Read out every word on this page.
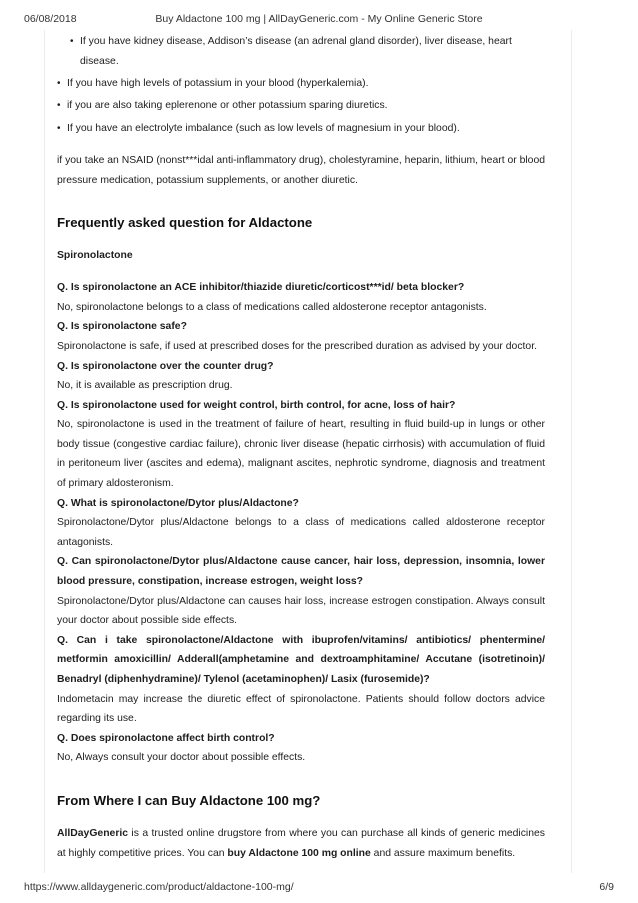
06/08/2018	Buy Aldactone 100 mg | AllDayGeneric.com - My Online Generic Store
• If you have kidney disease, Addison’s disease (an adrenal gland disorder), liver disease, heart disease.
• If you have high levels of potassium in your blood (hyperkalemia).
• if you are also taking eplerenone or other potassium sparing diuretics.
• If you have an electrolyte imbalance (such as low levels of magnesium in your blood).

if you take an NSAID (nonst***idal anti-inflammatory drug), cholestyramine, heparin, lithium, heart or blood pressure medication, potassium supplements, or another diuretic.

Frequently asked question for Aldactone
Spironolactone
Q. Is spironolactone an ACE inhibitor/thiazide diuretic/corticost***id/ beta blocker?
No, spironolactone belongs to a class of medications called aldosterone receptor antagonists.
Q. Is spironolactone safe?
Spironolactone is safe, if used at prescribed doses for the prescribed duration as advised by your doctor.
Q. Is spironolactone over the counter drug?
No, it is available as prescription drug.
Q. Is spironolactone used for weight control, birth control, for acne, loss of hair?
No, spironolactone is used in the treatment of failure of heart, resulting in fluid build-up in lungs or other body tissue (congestive cardiac failure), chronic liver disease (hepatic cirrhosis) with accumulation of fluid in peritoneum liver (ascites and edema), malignant ascites, nephrotic syndrome, diagnosis and treatment of primary aldosteronism.
Q. What is spironolactone/Dytor plus/Aldactone?
Spironolactone/Dytor plus/Aldactone belongs to a class of medications called aldosterone receptor antagonists.
Q. Can spironolactone/Dytor plus/Aldactone cause cancer, hair loss, depression, insomnia, lower blood pressure, constipation, increase estrogen, weight loss?
Spironolactone/Dytor plus/Aldactone can causes hair loss, increase estrogen constipation. Always consult your doctor about possible side effects.
Q. Can i take spironolactone/Aldactone with ibuprofen/vitamins/ antibiotics/ phentermine/ metformin amoxicillin/ Adderall(amphetamine and dextroamphitamine/ Accutane (isotretinoin)/ Benadryl (diphenhydramine)/ Tylenol (acetaminophen)/ Lasix (furosemide)?
Indometacin may increase the diuretic effect of spironolactone. Patients should follow doctors advice regarding its use.
Q. Does spironolactone affect birth control?
No, Always consult your doctor about possible effects.
From Where I can Buy Aldactone 100 mg?

AllDayGeneric is a trusted online drugstore from where you can purchase all kinds of generic medicines at highly competitive prices. You can buy Aldactone 100 mg online and assure maximum benefits.

https://www.alldaygeneric.com/product/aldactone-100-mg/	6/9
